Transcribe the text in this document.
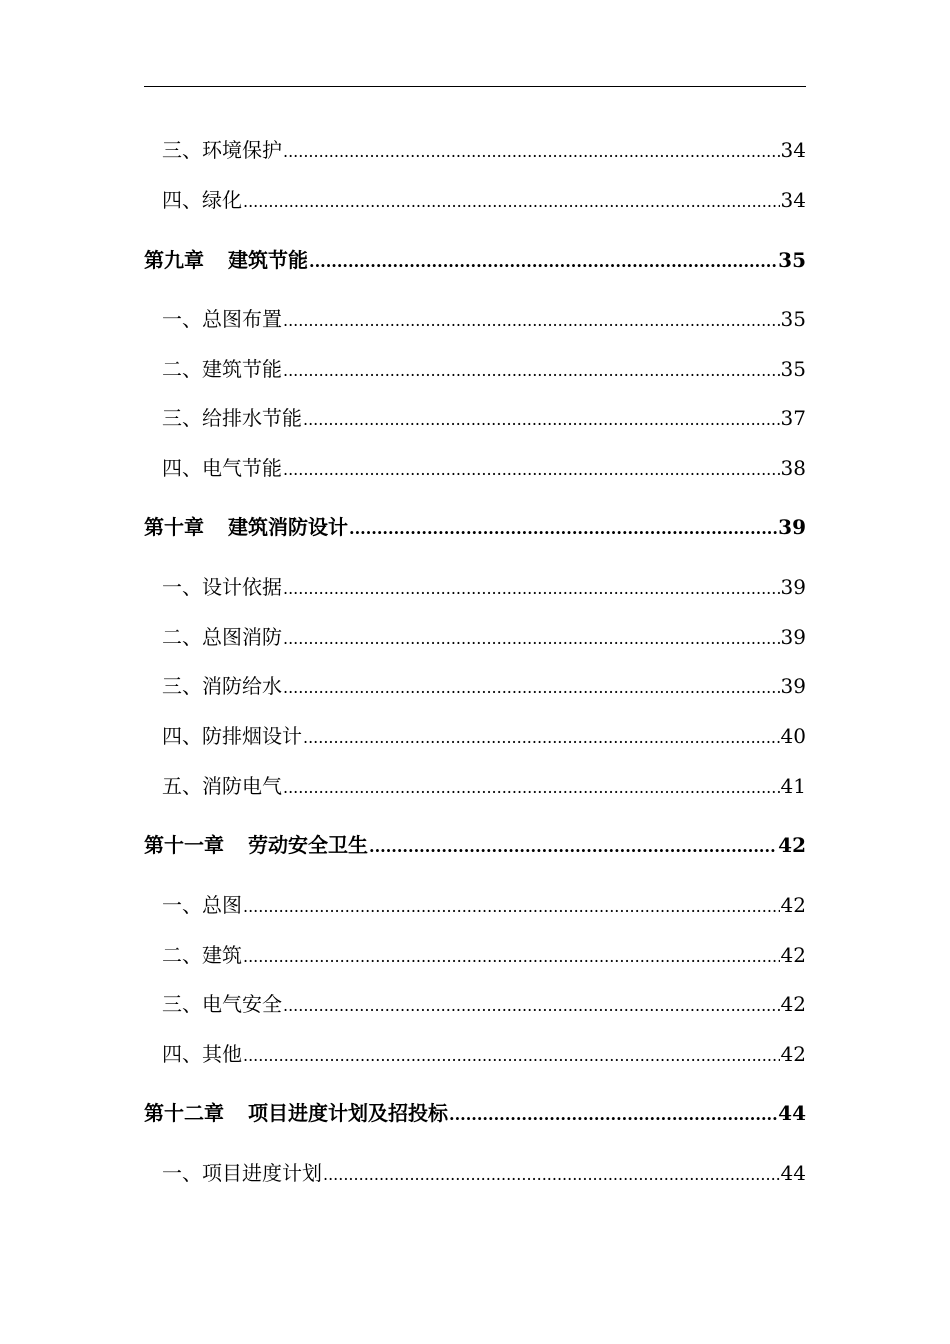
三、环境保护 .....	34
四、绿化 .....	34
第九章 建筑节能 .....	35
一、总图布置 .....	35
二、建筑节能 .....	35
三、给排水节能 .....	37
四、电气节能 .....	38
第十章 建筑消防设计 .....	39
一、设计依据 .....	39
二、总图消防 .....	39
三、消防给水 .....	39
四、防排烟设计 .....	40
五、消防电气 .....	41
第十一章 劳动安全卫生 .....	42
一、总图 .....	42
二、建筑 .....	42
三、电气安全 .....	42
四、其他 .....	42
第十二章 项目进度计划及招投标 .....	44
一、项目进度计划 .....	44
